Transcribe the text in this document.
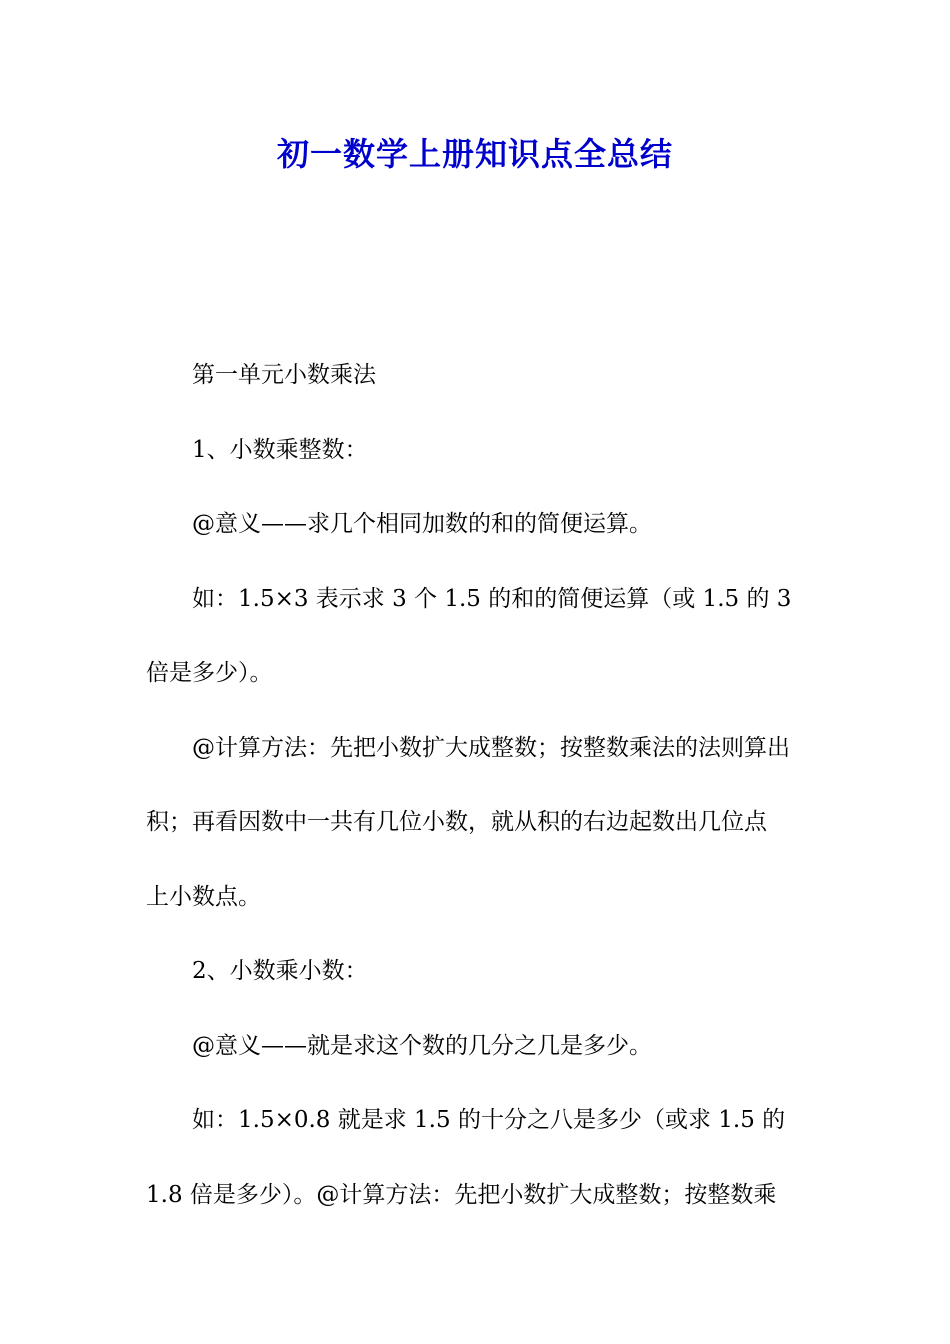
初一数学上册知识点全总结
第一单元小数乘法
1、小数乘整数：
@意义——求几个相同加数的和的简便运算。
如：1.5×3 表示求 3 个 1.5 的和的简便运算（或 1.5 的 3
倍是多少）。
@计算方法：先把小数扩大成整数；按整数乘法的法则算出
积；再看因数中一共有几位小数，就从积的右边起数出几位点
上小数点。
2、小数乘小数：
@意义——就是求这个数的几分之几是多少。
如：1.5×0.8 就是求 1.5 的十分之八是多少（或求 1.5 的
1.8 倍是多少）。@计算方法：先把小数扩大成整数；按整数乘
